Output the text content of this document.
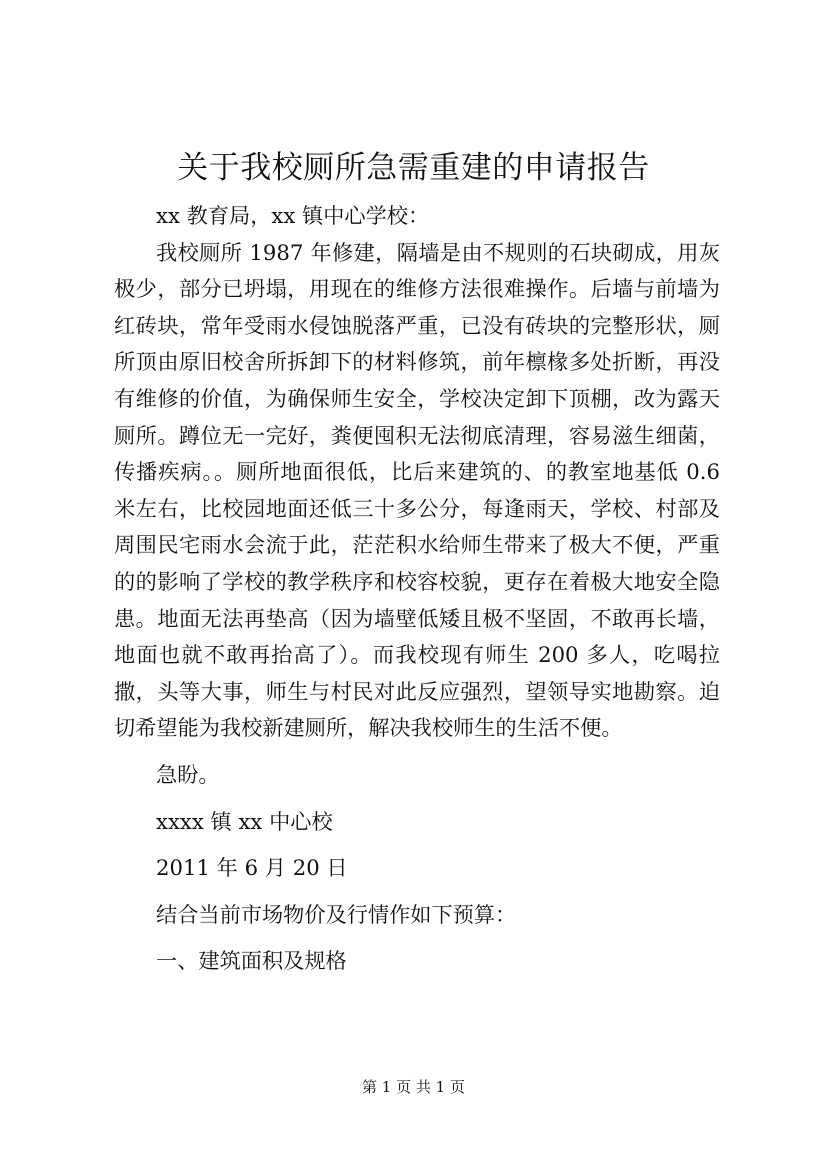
关于我校厕所急需重建的申请报告

xx 教育局，xx 镇中心学校：

我校厕所 1987 年修建，隔墙是由不规则的石块砌成，用灰极少，部分已坍塌，用现在的维修方法很难操作。后墙与前墙为红砖块，常年受雨水侵蚀脱落严重，已没有砖块的完整形状，厕所顶由原旧校舍所拆卸下的材料修筑，前年檩椽多处折断，再没有维修的价值，为确保师生安全，学校决定卸下顶棚，改为露天厕所。蹲位无一完好，粪便囤积无法彻底清理，容易滋生细菌，传播疾病。。厕所地面很低，比后来建筑的、的教室地基低 0.6 米左右，比校园地面还低三十多公分，每逢雨天，学校、村部及周围民宅雨水会流于此，茫茫积水给师生带来了极大不便，严重的的影响了学校的教学秩序和校容校貌，更存在着极大地安全隐患。地面无法再垫高（因为墙壁低矮且极不坚固，不敢再长墙，地面也就不敢再抬高了）。而我校现有师生 200 多人，吃喝拉撒，头等大事，师生与村民对此反应强烈，望领导实地勘察。迫切希望能为我校新建厕所，解决我校师生的生活不便。

急盼。

xxxx 镇 xx 中心校

2011 年 6 月 20 日

结合当前市场物价及行情作如下预算：

一、建筑面积及规格

第 1 页 共 1 页
